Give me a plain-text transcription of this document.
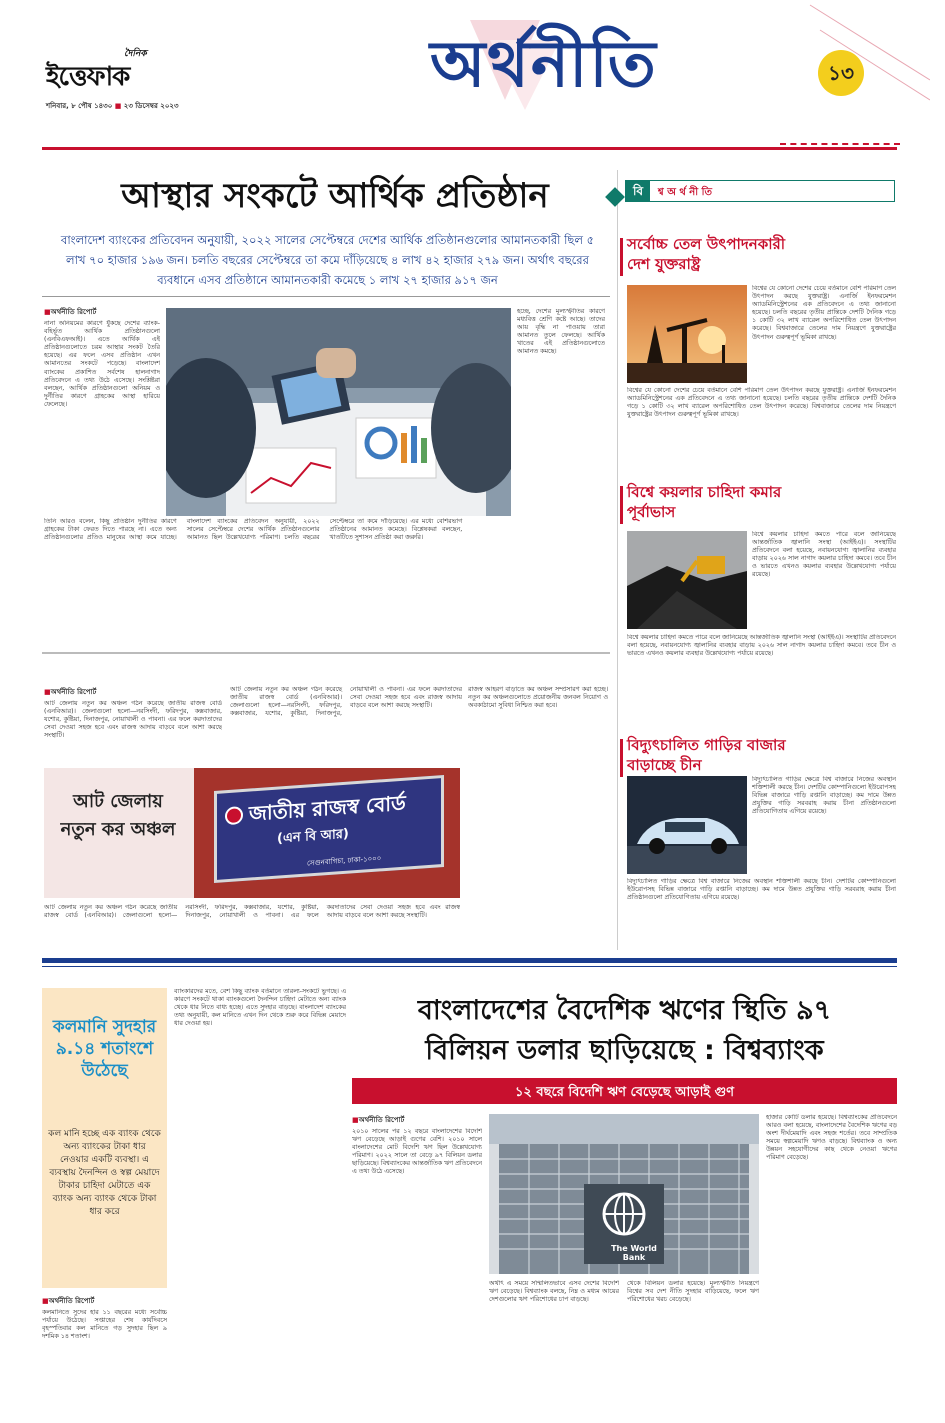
দৈনিক
ইত্তেফাক
শনিবার, ৮ পৌষ ১৪৩০ ■ ২৩ ডিসেম্বর ২০২৩
অর্থনীতি	১৩
আস্থার সংকটে আর্থিক প্রতিষ্ঠান
বাংলাদেশ ব্যাংকের প্রতিবেদন অনুযায়ী, ২০২২ সালের সেপ্টেম্বরে দেশের আর্থিক প্রতিষ্ঠানগুলোর আমানতকারী ছিল ৫ লাখ ৭০ হাজার ১৯৬ জন। চলতি বছরের সেপ্টেম্বরে তা কমে দাঁড়িয়েছে ৪ লাখ ৪২ হাজার ২৭৯ জন। অর্থাৎ বছরের ব্যবধানে এসব প্রতিষ্ঠানে আমানতকারী কমেছে ১ লাখ ২৭ হাজার ৯১৭ জন
■ অর্থনীতি রিপোর্ট
নানা অনিয়মের কারণে ধুঁকছে দেশের ব্যাংক-বহির্ভূত আর্থিক প্রতিষ্ঠানগুলো (এনবিএফআই)। এতে আর্থিক এই প্রতিষ্ঠানগুলোতে চরম আস্থার সংকট তৈরি হয়েছে। এর ফলে এসব প্রতিষ্ঠান এখন আমানতের সংকটে পড়েছে। বাংলাদেশ ব্যাংকের প্রকাশিত সর্বশেষ হালনাগাদ প্রতিবেদনে এ তথ্য উঠে এসেছে। সংশ্লিষ্টরা বলছেন, আর্থিক প্রতিষ্ঠানগুলো অনিয়ম ও দুর্নীতির কারণে গ্রাহকের আস্থা হারিয়ে ফেলেছে।
হচ্ছে, দেশের মূল্যস্ফীতির কারণে মধ্যবিত্ত শ্রেণি কষ্টে আছে। তাদের আয় বৃদ্ধি না পাওয়ায় তারা আমানত তুলে ফেলছে। আর্থিক খাতের এই প্রতিষ্ঠানগুলোতে আমানত কমছে।
তিনি আরও বলেন, কিছু প্রতিষ্ঠান দুর্নীতির কারণে গ্রাহকের টাকা ফেরত দিতে পারছে না। এতে অন্য প্রতিষ্ঠানগুলোর প্রতিও মানুষের আস্থা কমে যাচ্ছে। বাংলাদেশ ব্যাংকের প্রতিবেদন অনুযায়ী, ২০২২ সালের সেপ্টেম্বরে দেশের আর্থিক প্রতিষ্ঠানগুলোর আমানত ছিল উল্লেখযোগ্য পরিমাণ। চলতি বছরের সেপ্টেম্বরে তা কমে দাঁড়িয়েছে। এর মধ্যে বেশিরভাগ প্রতিষ্ঠানের আমানত কমেছে। বিশ্লেষকরা বলছেন, খাতটিতে সুশাসন প্রতিষ্ঠা করা জরুরি।
বি	শ্ব অ র্থ নী তি
সর্বোচ্চ তেল উৎপাদনকারী দেশ যুক্তরাষ্ট্র
বিশ্বের যে কোনো দেশের চেয়ে বর্তমানে বেশি পরিমাণ তেল উৎপাদন করছে যুক্তরাষ্ট্র। এনার্জি ইনফরমেশন অ্যাডমিনিস্ট্রেশনের এক প্রতিবেদনে এ তথ্য জানানো হয়েছে। চলতি বছরের তৃতীয় প্রান্তিকে দেশটি দৈনিক গড়ে ১ কোটি ৩২ লাখ ব্যারেল অপরিশোধিত তেল উৎপাদন করেছে। বিশ্ববাজারে তেলের দাম নিয়ন্ত্রণে যুক্তরাষ্ট্রের উৎপাদন গুরুত্বপূর্ণ ভূমিকা রাখছে।
বিশ্বের যে কোনো দেশের চেয়ে বর্তমানে বেশি পরিমাণ তেল উৎপাদন করছে যুক্তরাষ্ট্র। এনার্জি ইনফরমেশন অ্যাডমিনিস্ট্রেশনের এক প্রতিবেদনে এ তথ্য জানানো হয়েছে। চলতি বছরের তৃতীয় প্রান্তিকে দেশটি দৈনিক গড়ে ১ কোটি ৩২ লাখ ব্যারেল অপরিশোধিত তেল উৎপাদন করেছে। বিশ্ববাজারে তেলের দাম নিয়ন্ত্রণে যুক্তরাষ্ট্রের উৎপাদন গুরুত্বপূর্ণ ভূমিকা রাখছে।
বিশ্বে কয়লার চাহিদা কমার পূর্বাভাস
বিশ্বে কয়লার চাহিদা কমতে পারে বলে জানিয়েছে আন্তর্জাতিক জ্বালানি সংস্থা (আইইএ)। সংস্থাটির প্রতিবেদনে বলা হয়েছে, নবায়নযোগ্য জ্বালানির ব্যবহার বাড়ায় ২০২৬ সাল নাগাদ কয়লার চাহিদা কমবে। তবে চীন ও ভারতে এখনও কয়লার ব্যবহার উল্লেখযোগ্য পর্যায়ে রয়েছে।
বিশ্বে কয়লার চাহিদা কমতে পারে বলে জানিয়েছে আন্তর্জাতিক জ্বালানি সংস্থা (আইইএ)। সংস্থাটির প্রতিবেদনে বলা হয়েছে, নবায়নযোগ্য জ্বালানির ব্যবহার বাড়ায় ২০২৬ সাল নাগাদ কয়লার চাহিদা কমবে। তবে চীন ও ভারতে এখনও কয়লার ব্যবহার উল্লেখযোগ্য পর্যায়ে রয়েছে।
বিদ্যুৎচালিত গাড়ির বাজার বাড়াচ্ছে চীন
বিদ্যুৎচালিত গাড়ির ক্ষেত্রে বিশ্ব বাজারে নিজের অবস্থান শক্তিশালী করছে চীন। দেশটির কোম্পানিগুলো ইউরোপসহ বিভিন্ন বাজারে গাড়ি রপ্তানি বাড়াচ্ছে। কম দামে উন্নত প্রযুক্তির গাড়ি সরবরাহ করায় চীনা প্রতিষ্ঠানগুলো প্রতিযোগিতায় এগিয়ে রয়েছে।
বিদ্যুৎচালিত গাড়ির ক্ষেত্রে বিশ্ব বাজারে নিজের অবস্থান শক্তিশালী করছে চীন। দেশটির কোম্পানিগুলো ইউরোপসহ বিভিন্ন বাজারে গাড়ি রপ্তানি বাড়াচ্ছে। কম দামে উন্নত প্রযুক্তির গাড়ি সরবরাহ করায় চীনা প্রতিষ্ঠানগুলো প্রতিযোগিতায় এগিয়ে রয়েছে।
■ অর্থনীতি রিপোর্ট
আট জেলায় নতুন কর অঞ্চল গঠন করেছে জাতীয় রাজস্ব বোর্ড (এনবিআর)। জেলাগুলো হলো—নরসিংদী, ফরিদপুর, কক্সবাজার, যশোর, কুষ্টিয়া, দিনাজপুর, নোয়াখালী ও পাবনা। এর ফলে করদাতাদের সেবা দেওয়া সহজ হবে এবং রাজস্ব আদায় বাড়বে বলে আশা করছে সংস্থাটি।
আট জেলায় নতুন কর অঞ্চল গঠন করেছে জাতীয় রাজস্ব বোর্ড (এনবিআর)। জেলাগুলো হলো—নরসিংদী, ফরিদপুর, কক্সবাজার, যশোর, কুষ্টিয়া, দিনাজপুর, নোয়াখালী ও পাবনা। এর ফলে করদাতাদের সেবা দেওয়া সহজ হবে এবং রাজস্ব আদায় বাড়বে বলে আশা করছে সংস্থাটি।
রাজস্ব আহরণ বাড়াতে কর অঞ্চল সম্প্রসারণ করা হচ্ছে। নতুন কর অঞ্চলগুলোতে প্রয়োজনীয় জনবল নিয়োগ ও অবকাঠামো সুবিধা নিশ্চিত করা হবে।
আট জেলায় নতুন কর অঞ্চল
জাতীয় রাজস্ব বোর্ড
(এন বি আর)
সেগুনবাগিচা, ঢাকা-১০০০
আট জেলায় নতুন কর অঞ্চল গঠন করেছে জাতীয় রাজস্ব বোর্ড (এনবিআর)। জেলাগুলো হলো—নরসিংদী, ফরিদপুর, কক্সবাজার, যশোর, কুষ্টিয়া, দিনাজপুর, নোয়াখালী ও পাবনা। এর ফলে করদাতাদের সেবা দেওয়া সহজ হবে এবং রাজস্ব আদায় বাড়বে বলে আশা করছে সংস্থাটি।
কলমানি সুদহার ৯.১৪ শতাংশে উঠেছে
কল মানি হচ্ছে এক ব্যাংক থেকে অন্য ব্যাংকের টাকা ধার নেওয়ার একটি ব্যবস্থা। এ ব্যবস্থায় দৈনন্দিন ও স্বল্প মেয়াদে টাকার চাহিদা মেটাতে এক ব্যাংক অন্য ব্যাংক থেকে টাকা ধার করে
■ অর্থনীতি রিপোর্ট
কলমানিতে সুদের হার ১১ বছরের মধ্যে সর্বোচ্চ পর্যায়ে উঠেছে। সপ্তাহের শেষ কার্যদিবসে বৃহস্পতিবার কল মানিতে গড় সুদহার ছিল ৯ দশমিক ১৪ শতাংশ।
ব্যাংকারদের মতে, বেশ কিছু ব্যাংক বর্তমানে তারল্য-সংকটে ভুগছে। এ কারণে সংকটে থাকা ব্যাংকগুলো দৈনন্দিন চাহিদা মেটাতে অন্য ব্যাংক থেকে ধার নিতে বাধ্য হচ্ছে। এতে সুদহার বাড়ছে। বাংলাদেশ ব্যাংকের তথ্য অনুযায়ী, কল মানিতে এখন দিন থেকে শুরু করে বিভিন্ন মেয়াদে ধার দেওয়া হয়।	বাংলাদেশের বৈদেশিক ঋণের স্থিতি ৯৭
বিলিয়ন ডলার ছাড়িয়েছে : বিশ্বব্যাংক
১২ বছরে বিদেশি ঋণ বেড়েছে আড়াই গুণ
■ অর্থনীতি রিপোর্ট
২০১০ সালের পর ১২ বছরে বাংলাদেশের বিদেশি ঋণ বেড়েছে আড়াই গুণের বেশি। ২০১০ সালে বাংলাদেশের মোট বিদেশি ঋণ ছিল উল্লেখযোগ্য পরিমাণ। ২০২২ সালে তা বেড়ে ৯৭ বিলিয়ন ডলার ছাড়িয়েছে। বিশ্বব্যাংকের আন্তর্জাতিক ঋণ প্রতিবেদনে এ তথ্য উঠে এসেছে।
The World Bank
অর্থাৎ এ সময়ে সম্মিলিতভাবে এসব দেশের বিদেশি ঋণ বেড়েছে। বিশ্বব্যাংক বলছে, নিম্ন ও মধ্যম আয়ের দেশগুলোর ঋণ পরিশোধের চাপ বাড়ছে।
থেকে বিলিয়ন ডলার হয়েছে। মূল্যস্ফীতি নিয়ন্ত্রণে বিশ্বের সব দেশ নীতি সুদহার বাড়িয়েছে, ফলে ঋণ পরিশোধের খরচ বেড়েছে।
হাজার কোটি ডলার হয়েছে। বিশ্বব্যাংকের প্রতিবেদনে আরও বলা হয়েছে, বাংলাদেশের বৈদেশিক ঋণের বড় অংশ দীর্ঘমেয়াদি এবং সহজ শর্তের। তবে সাম্প্রতিক সময়ে স্বল্পমেয়াদি ঋণও বাড়ছে। বিশ্বব্যাংক ও অন্য উন্নয়ন সহযোগীদের কাছ থেকে নেওয়া ঋণের পরিমাণ বেড়েছে।
